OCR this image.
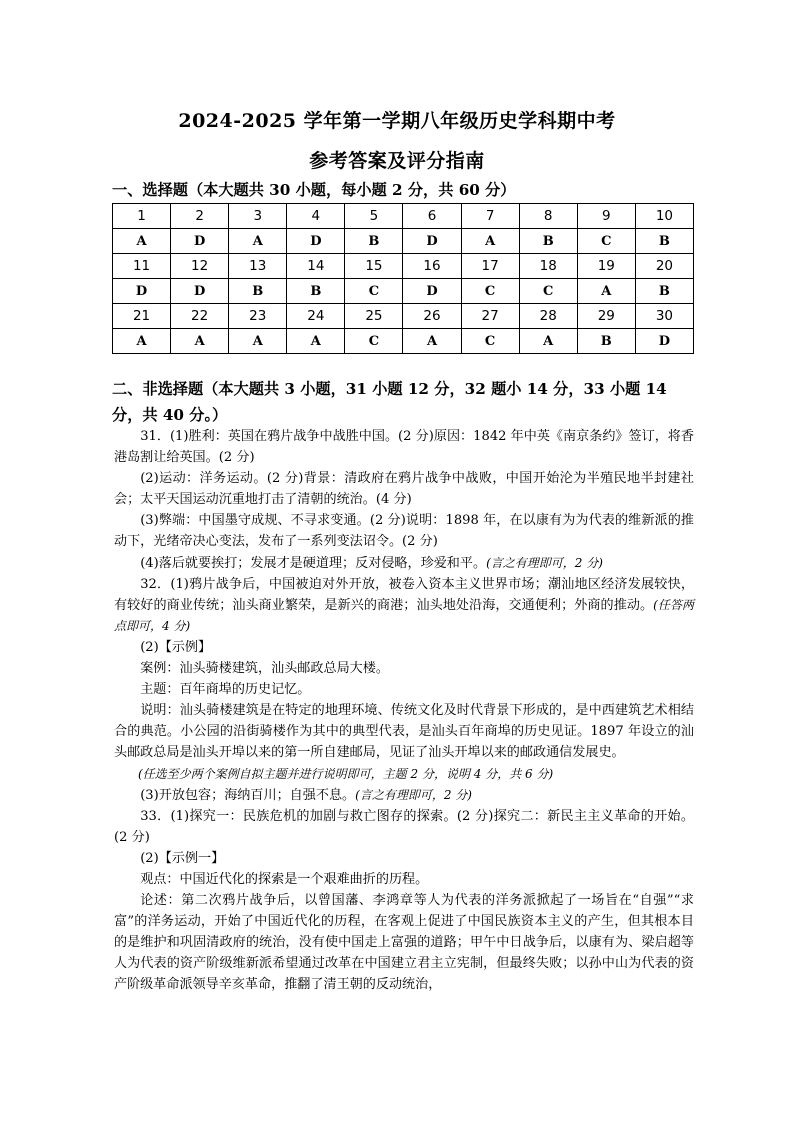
2024-2025 学年第一学期八年级历史学科期中考
参考答案及评分指南
一、选择题（本大题共 30 小题，每小题 2 分，共 60 分）
1	2	3	4	5	6	7	8	9	10
A	D	A	D	B	D	A	B	C	B
11	12	13	14	15	16	17	18	19	20
D	D	B	B	C	D	C	C	A	B
21	22	23	24	25	26	27	28	29	30
A	A	A	A	C	A	C	A	B	D
二、非选择题（本大题共 3 小题，31 小题 12 分，32 题小 14 分，33 小题 14 分，共 40 分。）

31．(1)胜利：英国在鸦片战争中战胜中国。(2 分)原因：1842 年中英《南京条约》签订，将香港岛割让给英国。(2 分)

(2)运动：洋务运动。(2 分)背景：清政府在鸦片战争中战败，中国开始沦为半殖民地半封建社会；太平天国运动沉重地打击了清朝的统治。(4 分)

(3)弊端：中国墨守成规、不寻求变通。(2 分)说明：1898 年，在以康有为为代表的维新派的推动下，光绪帝决心变法，发布了一系列变法诏令。(2 分)

(4)落后就要挨打；发展才是硬道理；反对侵略，珍爱和平。(言之有理即可，2 分)

32．(1)鸦片战争后，中国被迫对外开放，被卷入资本主义世界市场；潮汕地区经济发展较快，有较好的商业传统；汕头商业繁荣，是新兴的商港；汕头地处沿海，交通便利；外商的推动。(任答两点即可，4 分)

(2)【示例】

案例：汕头骑楼建筑，汕头邮政总局大楼。

主题：百年商埠的历史记忆。

说明：汕头骑楼建筑是在特定的地理环境、传统文化及时代背景下形成的，是中西建筑艺术相结合的典范。小公园的沿街骑楼作为其中的典型代表，是汕头百年商埠的历史见证。1897 年设立的汕头邮政总局是汕头开埠以来的第一所自建邮局，见证了汕头开埠以来的邮政通信发展史。

(任选至少两个案例自拟主题并进行说明即可，主题 2 分，说明 4 分，共 6 分)

(3)开放包容；海纳百川；自强不息。(言之有理即可，2 分)

33．(1)探究一：民族危机的加剧与救亡图存的探索。(2 分)探究二：新民主主义革命的开始。(2 分)

(2)【示例一】

观点：中国近代化的探索是一个艰难曲折的历程。

论述：第二次鸦片战争后，以曾国藩、李鸿章等人为代表的洋务派掀起了一场旨在“自强”“求富”的洋务运动，开始了中国近代化的历程，在客观上促进了中国民族资本主义的产生，但其根本目的是维护和巩固清政府的统治，没有使中国走上富强的道路；甲午中日战争后，以康有为、梁启超等人为代表的资产阶级维新派希望通过改革在中国建立君主立宪制，但最终失败；以孙中山为代表的资产阶级革命派领导辛亥革命，推翻了清王朝的反动统治，
